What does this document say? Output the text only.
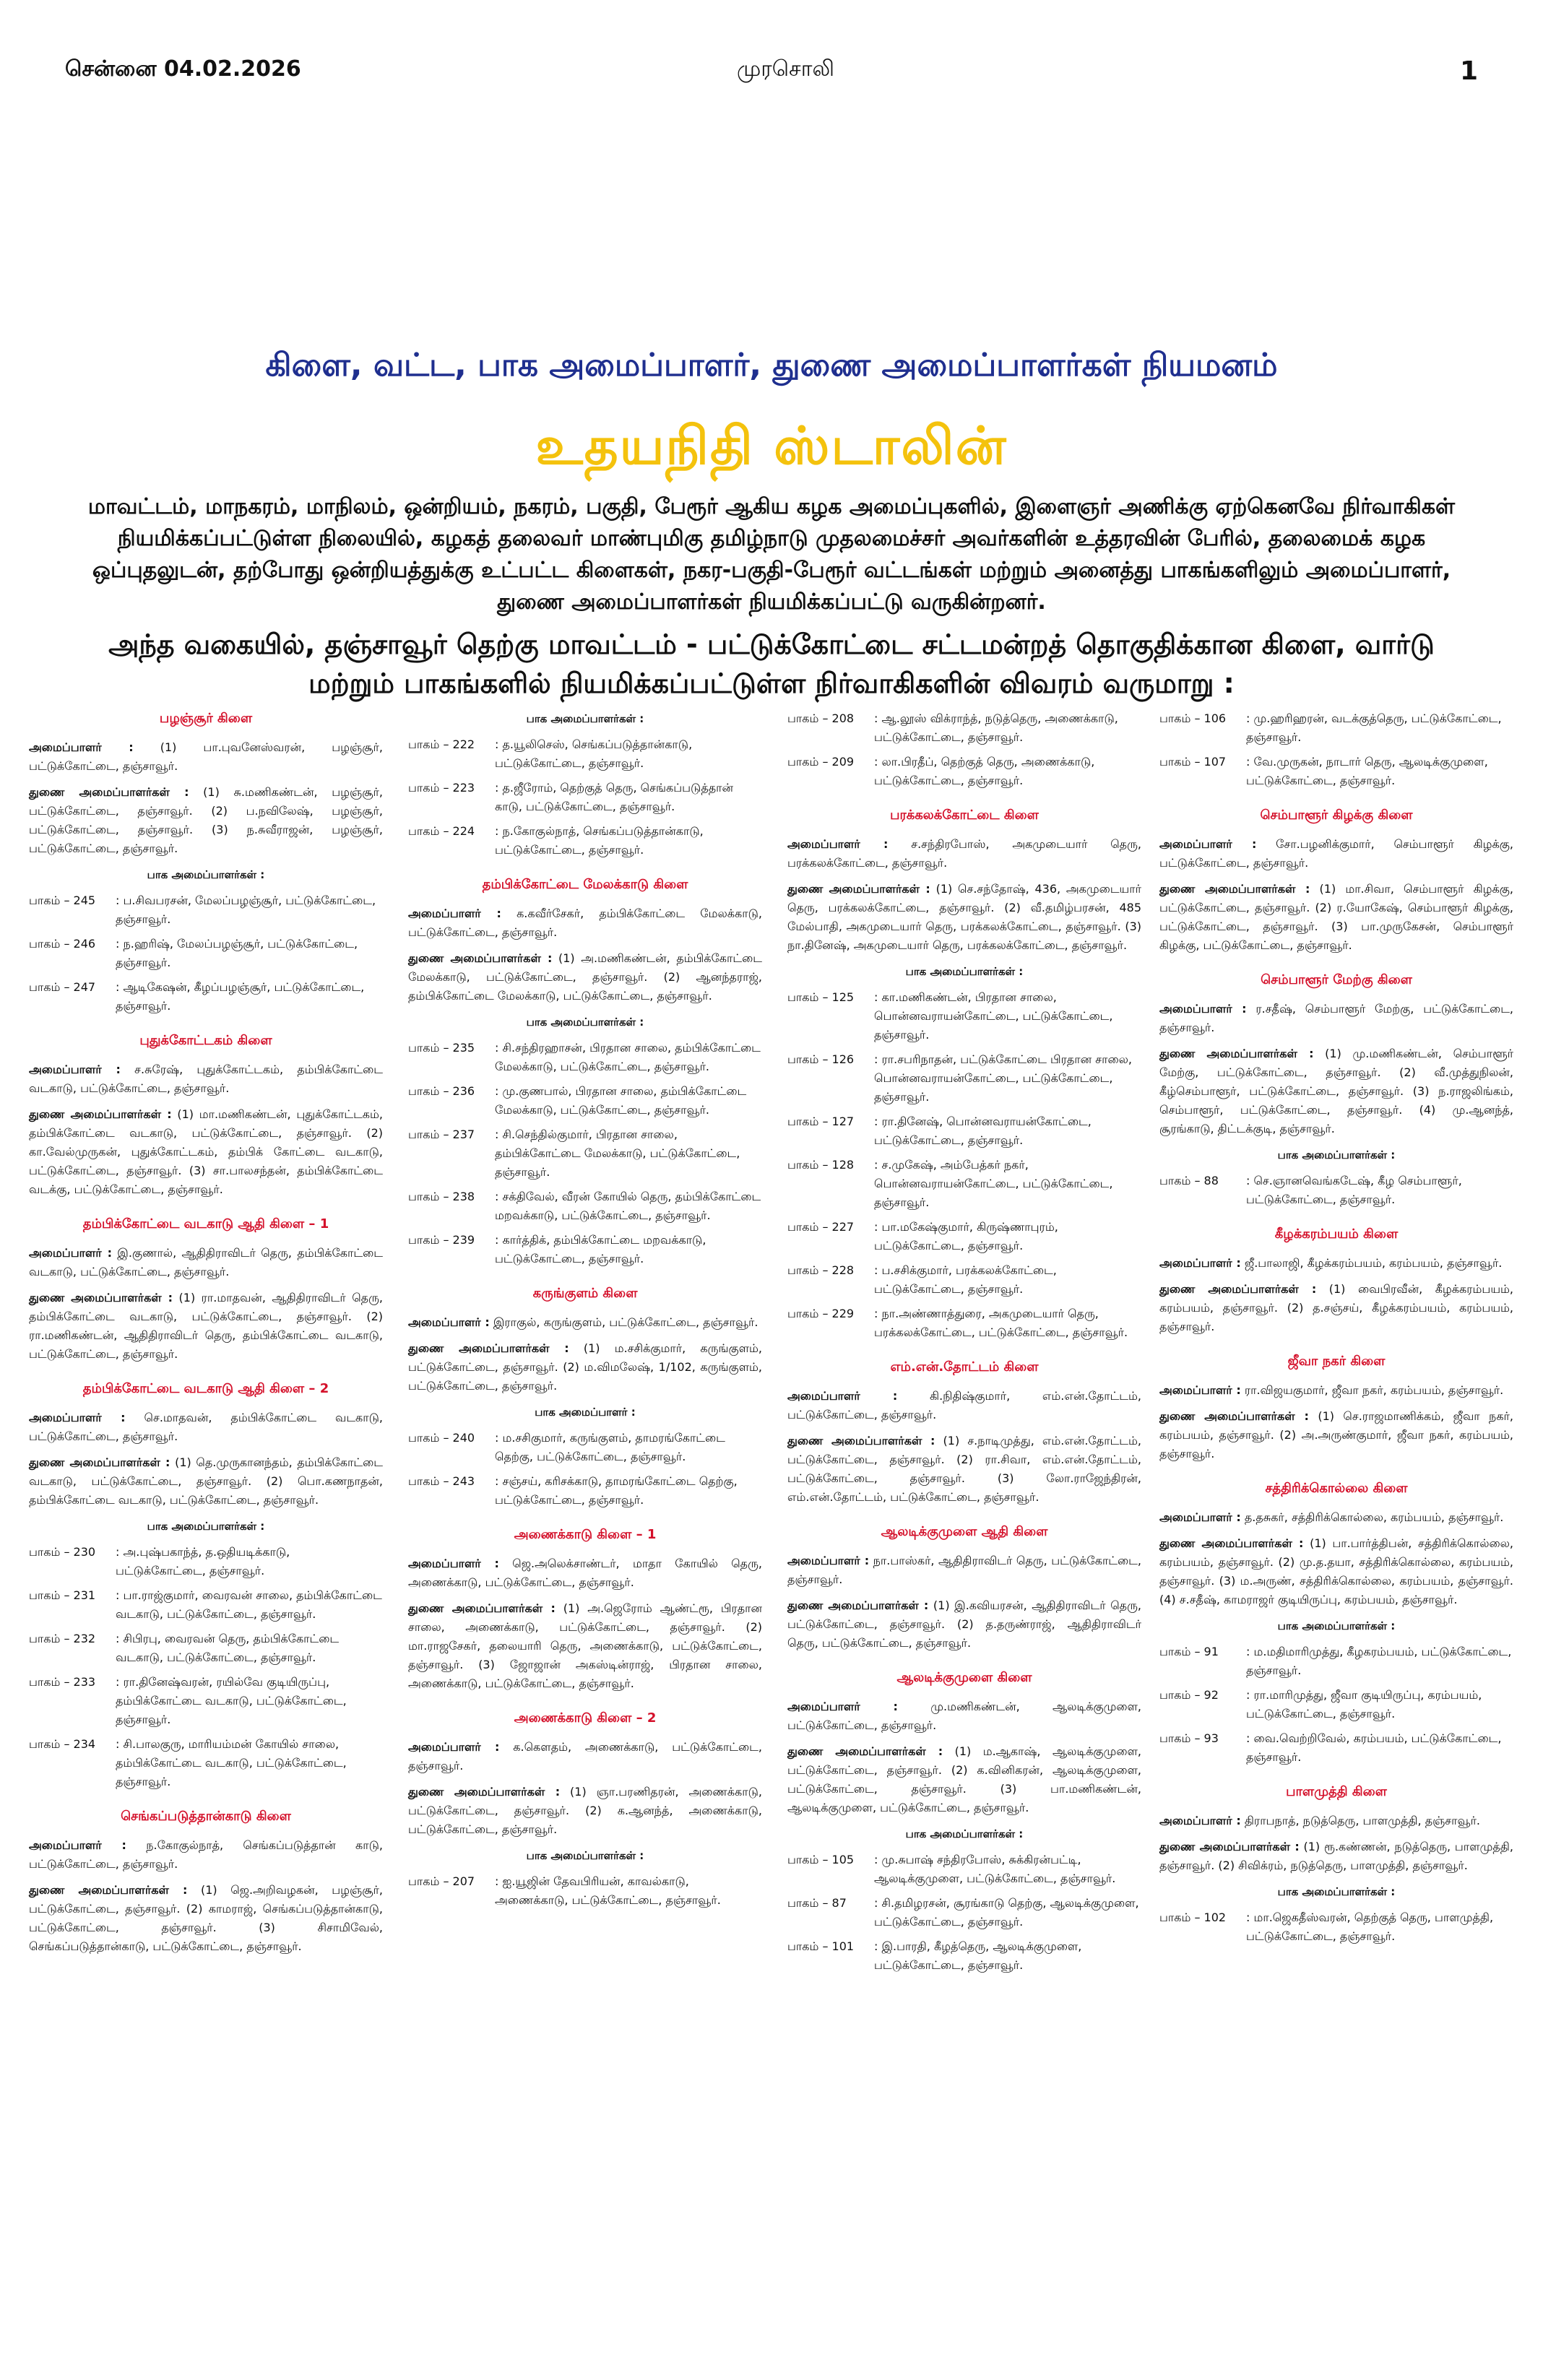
சென்னை 04.02.2026	முரசொலி	1
கிளை, வட்ட, பாக அமைப்பாளர், துணை அமைப்பாளர்கள் நியமனம்
உதயநிதி ஸ்டாலின்
மாவட்டம், மாநகரம், மாநிலம், ஒன்றியம், நகரம், பகுதி, பேரூர் ஆகிய கழக அமைப்புகளில், இளைஞர் அணிக்கு ஏற்கெனவே நிர்வாகிகள் நியமிக்கப்பட்டுள்ள நிலையில், கழகத் தலைவர் மாண்புமிகு தமிழ்நாடு முதலமைச்சர் அவர்களின் உத்தரவின் பேரில், தலைமைக் கழக ஒப்புதலுடன், தற்போது ஒன்றியத்துக்கு உட்பட்ட கிளைகள், நகர-பகுதி-பேரூர் வட்டங்கள் மற்றும் அனைத்து பாகங்களிலும் அமைப்பாளர், துணை அமைப்பாளர்கள் நியமிக்கப்பட்டு வருகின்றனர்.
அந்த வகையில், தஞ்சாவூர் தெற்கு மாவட்டம் - பட்டுக்கோட்டை சட்டமன்றத் தொகுதிக்கான கிளை, வார்டு மற்றும் பாகங்களில் நியமிக்கப்பட்டுள்ள நிர்வாகிகளின் விவரம் வருமாறு :
பழஞ்சூர் கிளை
அமைப்பாளர் : (1) பா.புவனேஸ்வரன், பழஞ்சூர், பட்டுக்கோட்டை, தஞ்சாவூர்.
துணை அமைப்பாளர்கள் : (1) சு.மணிகண்டன், பழஞ்சூர், பட்டுக்கோட்டை, தஞ்சாவூர். (2) ப.நவிலேஷ், பழஞ்சூர், பட்டுக்கோட்டை, தஞ்சாவூர். (3) ந.சுவீராஜன், பழஞ்சூர், பட்டுக்கோட்டை, தஞ்சாவூர்.
பாக அமைப்பாளர்கள் :
பாகம் – 245	: ப.சிவபரசன், மேலப்பழஞ்சூர், பட்டுக்கோட்டை, தஞ்சாவூர்.
பாகம் – 246	: ந.ஹரிஷ், மேலப்பழஞ்சூர், பட்டுக்கோட்டை, தஞ்சாவூர்.
பாகம் – 247	: ஆடிகேஷன், கீழப்பழஞ்சூர், பட்டுக்கோட்டை, தஞ்சாவூர்.
புதுக்கோட்டகம் கிளை
அமைப்பாளர் : ச.சுரேஷ், புதுக்கோட்டகம், தம்பிக்கோட்டை வடகாடு, பட்டுக்கோட்டை, தஞ்சாவூர்.
துணை அமைப்பாளர்கள் : (1) மா.மணிகண்டன், புதுக்கோட்டகம், தம்பிக்கோட்டை வடகாடு, பட்டுக்கோட்டை, தஞ்சாவூர். (2) கா.வேல்முருகன், புதுக்கோட்டகம், தம்பிக் கோட்டை வடகாடு, பட்டுக்கோட்டை, தஞ்சாவூர். (3) சா.பாலசந்தன், தம்பிக்கோட்டை வடக்கு, பட்டுக்கோட்டை, தஞ்சாவூர்.
தம்பிக்கோட்டை வடகாடு ஆதி கிளை – 1
அமைப்பாளர் : இ.குணால், ஆதிதிராவிடர் தெரு, தம்பிக்கோட்டை வடகாடு, பட்டுக்கோட்டை, தஞ்சாவூர்.
துணை அமைப்பாளர்கள் : (1) ரா.மாதவன், ஆதிதிராவிடர் தெரு, தம்பிக்கோட்டை வடகாடு, பட்டுக்கோட்டை, தஞ்சாவூர். (2) ரா.மணிகண்டன், ஆதிதிராவிடர் தெரு, தம்பிக்கோட்டை வடகாடு, பட்டுக்கோட்டை, தஞ்சாவூர்.
தம்பிக்கோட்டை வடகாடு ஆதி கிளை – 2
அமைப்பாளர் : செ.மாதவன், தம்பிக்கோட்டை வடகாடு, பட்டுக்கோட்டை, தஞ்சாவூர்.
துணை அமைப்பாளர்கள் : (1) தெ.முருகானந்தம், தம்பிக்கோட்டை வடகாடு, பட்டுக்கோட்டை, தஞ்சாவூர். (2) பொ.கணநாதன், தம்பிக்கோட்டை வடகாடு, பட்டுக்கோட்டை, தஞ்சாவூர்.
பாக அமைப்பாளர்கள் :
பாகம் – 230	: அ.புஷ்பகாந்த், த.ஒதியடிக்காடு, பட்டுக்கோட்டை, தஞ்சாவூர்.
பாகம் – 231	: பா.ராஜ்குமார், வைரவன் சாலை, தம்பிக்கோட்டை வடகாடு, பட்டுக்கோட்டை, தஞ்சாவூர்.
பாகம் – 232	: சிபிரபு, வைரவன் தெரு, தம்பிக்கோட்டை வடகாடு, பட்டுக்கோட்டை, தஞ்சாவூர்.
பாகம் – 233	: ரா.தினேஷ்வரன், ரயில்வே குடியிருப்பு, தம்பிக்கோட்டை வடகாடு, பட்டுக்கோட்டை, தஞ்சாவூர்.
பாகம் – 234	: சி.பாலகுரு, மாரியம்மன் கோயில் சாலை, தம்பிக்கோட்டை வடகாடு, பட்டுக்கோட்டை, தஞ்சாவூர்.
செங்கப்படுத்தான்காடு கிளை
அமைப்பாளர் : ந.கோகுல்நாத், செங்கப்படுத்தான் காடு, பட்டுக்கோட்டை, தஞ்சாவூர்.
துணை அமைப்பாளர்கள் : (1) ஜெ.அறிவழகன், பழஞ்சூர், பட்டுக்கோட்டை, தஞ்சாவூர். (2) காமராஜ், செங்கப்படுத்தான்காடு, பட்டுக்கோட்டை, தஞ்சாவூர். (3) சிசாமிவேல், செங்கப்படுத்தான்காடு, பட்டுக்கோட்டை, தஞ்சாவூர்.
பாக அமைப்பாளர்கள் :
பாகம் – 222	: த.யூலிசெஸ், செங்கப்படுத்தான்காடு, பட்டுக்கோட்டை, தஞ்சாவூர்.
பாகம் – 223	: த.ஜீரோம், தெற்குத் தெரு, செங்கப்படுத்தான் காடு, பட்டுக்கோட்டை, தஞ்சாவூர்.
பாகம் – 224	: ந.கோகுல்நாத், செங்கப்படுத்தான்காடு, பட்டுக்கோட்டை, தஞ்சாவூர்.
தம்பிக்கோட்டை மேலக்காடு கிளை
அமைப்பாளர் : க.கவீர்சேகர், தம்பிக்கோட்டை மேலக்காடு, பட்டுக்கோட்டை, தஞ்சாவூர்.
துணை அமைப்பாளர்கள் : (1) அ.மணிகண்டன், தம்பிக்கோட்டை மேலக்காடு, பட்டுக்கோட்டை, தஞ்சாவூர். (2) ஆனந்தராஜ், தம்பிக்கோட்டை மேலக்காடு, பட்டுக்கோட்டை, தஞ்சாவூர்.
பாக அமைப்பாளர்கள் :
பாகம் – 235	: சி.சந்திரஹாசன், பிரதான சாலை, தம்பிக்கோட்டை மேலக்காடு, பட்டுக்கோட்டை, தஞ்சாவூர்.
பாகம் – 236	: மு.குணபால், பிரதான சாலை, தம்பிக்கோட்டை மேலக்காடு, பட்டுக்கோட்டை, தஞ்சாவூர்.
பாகம் – 237	: சி.செந்தில்குமார், பிரதான சாலை, தம்பிக்கோட்டை மேலக்காடு, பட்டுக்கோட்டை, தஞ்சாவூர்.
பாகம் – 238	: சக்திவேல், வீரன் கோயில் தெரு, தம்பிக்கோட்டை மறவக்காடு, பட்டுக்கோட்டை, தஞ்சாவூர்.
பாகம் – 239	: கார்த்திக், தம்பிக்கோட்டை மறவக்காடு, பட்டுக்கோட்டை, தஞ்சாவூர்.
கருங்குளம் கிளை
அமைப்பாளர் : இராகுல், கருங்குளம், பட்டுக்கோட்டை, தஞ்சாவூர்.
துணை அமைப்பாளர்கள் : (1) ம.சசிக்குமார், கருங்குளம், பட்டுக்கோட்டை, தஞ்சாவூர். (2) ம.விமலேஷ், 1/102, கருங்குளம், பட்டுக்கோட்டை, தஞ்சாவூர்.
பாக அமைப்பாளர் :
பாகம் – 240	: ம.சசிகுமார், கருங்குளம், தாமரங்கோட்டை தெற்கு, பட்டுக்கோட்டை, தஞ்சாவூர்.
பாகம் – 243	: சஞ்சய், கரிசக்காடு, தாமரங்கோட்டை தெற்கு, பட்டுக்கோட்டை, தஞ்சாவூர்.
அணைக்காடு கிளை – 1
அமைப்பாளர் : ஜெ.அலெக்சாண்டர், மாதா கோயில் தெரு, அணைக்காடு, பட்டுக்கோட்டை, தஞ்சாவூர்.
துணை அமைப்பாளர்கள் : (1) அ.ஜெரோம் ஆண்ட்ரூ, பிரதான சாலை, அணைக்காடு, பட்டுக்கோட்டை, தஞ்சாவூர். (2) மா.ராஜசேகர், தலையாரி தெரு, அணைக்காடு, பட்டுக்கோட்டை, தஞ்சாவூர். (3) ஜோஜான் அகஸ்டின்ராஜ், பிரதான சாலை, அணைக்காடு, பட்டுக்கோட்டை, தஞ்சாவூர்.
அணைக்காடு கிளை – 2
அமைப்பாளர் : க.கௌதம், அணைக்காடு, பட்டுக்கோட்டை, தஞ்சாவூர்.
துணை அமைப்பாளர்கள் : (1) ஞா.பரணிதரன், அணைக்காடு, பட்டுக்கோட்டை, தஞ்சாவூர். (2) க.ஆனந்த், அணைக்காடு, பட்டுக்கோட்டை, தஞ்சாவூர்.
பாக அமைப்பாளர்கள் :
பாகம் – 207	: ஐ.யூஜின் தேவபிரியன், காவல்காடு, அணைக்காடு, பட்டுக்கோட்டை, தஞ்சாவூர்.
பாகம் – 208	: ஆ.லூஸ் விக்ராந்த், நடுத்தெரு, அணைக்காடு, பட்டுக்கோட்டை, தஞ்சாவூர்.
பாகம் – 209	: லா.பிரதீப், தெற்குத் தெரு, அணைக்காடு, பட்டுக்கோட்டை, தஞ்சாவூர்.
பரக்கலக்கோட்டை கிளை
அமைப்பாளர் : ச.சந்திரபோஸ், அகமுடையார் தெரு, பரக்கலக்கோட்டை, தஞ்சாவூர்.
துணை அமைப்பாளர்கள் : (1) செ.சந்தோஷ், 436, அகமுடையார் தெரு, பரக்கலக்கோட்டை, தஞ்சாவூர். (2) வீ.தமிழ்பரசன், 485 மேல்பாதி, அகமுடையார் தெரு, பரக்கலக்கோட்டை, தஞ்சாவூர். (3) நா.தினேஷ், அகமுடையார் தெரு, பரக்கலக்கோட்டை, தஞ்சாவூர்.
பாக அமைப்பாளர்கள் :
பாகம் – 125	: கா.மணிகண்டன், பிரதான சாலை, பொன்னவராயன்கோட்டை, பட்டுக்கோட்டை, தஞ்சாவூர்.
பாகம் – 126	: ரா.சபரிநாதன், பட்டுக்கோட்டை பிரதான சாலை, பொன்னவராயன்கோட்டை, பட்டுக்கோட்டை, தஞ்சாவூர்.
பாகம் – 127	: ரா.தினேஷ், பொன்னவராயன்கோட்டை, பட்டுக்கோட்டை, தஞ்சாவூர்.
பாகம் – 128	: ச.முகேஷ், அம்பேத்கர் நகர், பொன்னவராயன்கோட்டை, பட்டுக்கோட்டை, தஞ்சாவூர்.
பாகம் – 227	: பா.மகேஷ்குமார், கிருஷ்ணாபுரம், பட்டுக்கோட்டை, தஞ்சாவூர்.
பாகம் – 228	: ப.சசிக்குமார், பரக்கலக்கோட்டை, பட்டுக்கோட்டை, தஞ்சாவூர்.
பாகம் – 229	: நா.அண்ணாத்துரை, அகமுடையார் தெரு, பரக்கலக்கோட்டை, பட்டுக்கோட்டை, தஞ்சாவூர்.
எம்.என்.தோட்டம் கிளை
அமைப்பாளர் : கி.நிதிஷ்குமார், எம்.என்.தோட்டம், பட்டுக்கோட்டை, தஞ்சாவூர்.
துணை அமைப்பாளர்கள் : (1) ச.நாடிமுத்து, எம்.என்.தோட்டம், பட்டுக்கோட்டை, தஞ்சாவூர். (2) ரா.சிவா, எம்.என்.தோட்டம், பட்டுக்கோட்டை, தஞ்சாவூர். (3) லோ.ராஜேந்திரன், எம்.என்.தோட்டம், பட்டுக்கோட்டை, தஞ்சாவூர்.
ஆலடிக்குமுளை ஆதி கிளை
அமைப்பாளர் : நா.பாஸ்கர், ஆதிதிராவிடர் தெரு, பட்டுக்கோட்டை, தஞ்சாவூர்.
துணை அமைப்பாளர்கள் : (1) இ.கவியரசன், ஆதிதிராவிடர் தெரு, பட்டுக்கோட்டை, தஞ்சாவூர். (2) த.தருண்ராஜ், ஆதிதிராவிடர் தெரு, பட்டுக்கோட்டை, தஞ்சாவூர்.
ஆலடிக்குமுளை கிளை
அமைப்பாளர் : மு.மணிகண்டன், ஆலடிக்குமுளை, பட்டுக்கோட்டை, தஞ்சாவூர்.
துணை அமைப்பாளர்கள் : (1) ம.ஆகாஷ், ஆலடிக்குமுளை, பட்டுக்கோட்டை, தஞ்சாவூர். (2) க.வினிகரன், ஆலடிக்குமுளை, பட்டுக்கோட்டை, தஞ்சாவூர். (3) பா.மணிகண்டன், ஆலடிக்குமுளை, பட்டுக்கோட்டை, தஞ்சாவூர்.
பாக அமைப்பாளர்கள் :
பாகம் – 105	: மு.சுபாஷ் சந்திரபோஸ், சுக்கிரன்பட்டி, ஆலடிக்குமுளை, பட்டுக்கோட்டை, தஞ்சாவூர்.
பாகம் – 87	: சி.தமிழரசன், சூரங்காடு தெற்கு, ஆலடிக்குமுளை, பட்டுக்கோட்டை, தஞ்சாவூர்.
பாகம் – 101	: இ.பாரதி, கீழத்தெரு, ஆலடிக்குமுளை, பட்டுக்கோட்டை, தஞ்சாவூர்.
பாகம் – 106	: மு.ஹரிஹரன், வடக்குத்தெரு, பட்டுக்கோட்டை, தஞ்சாவூர்.
பாகம் – 107	: வே.முருகன், நாடார் தெரு, ஆலடிக்குமுளை, பட்டுக்கோட்டை, தஞ்சாவூர்.
செம்பாளூர் கிழக்கு கிளை
அமைப்பாளர் : சோ.பழனிக்குமார், செம்பாளூர் கிழக்கு, பட்டுக்கோட்டை, தஞ்சாவூர்.
துணை அமைப்பாளர்கள் : (1) மா.சிவா, செம்பாளூர் கிழக்கு, பட்டுக்கோட்டை, தஞ்சாவூர். (2) ர.யோகேஷ், செம்பாளூர் கிழக்கு, பட்டுக்கோட்டை, தஞ்சாவூர். (3) பா.முருகேசன், செம்பாளூர் கிழக்கு, பட்டுக்கோட்டை, தஞ்சாவூர்.
செம்பாளூர் மேற்கு கிளை
அமைப்பாளர் : ர.சதீஷ், செம்பாளூர் மேற்கு, பட்டுக்கோட்டை, தஞ்சாவூர்.
துணை அமைப்பாளர்கள் : (1) மு.மணிகண்டன், செம்பாளூர் மேற்கு, பட்டுக்கோட்டை, தஞ்சாவூர். (2) வீ.முத்துநிலன், கீழ்செம்பாளூர், பட்டுக்கோட்டை, தஞ்சாவூர். (3) ந.ராஜலிங்கம், செம்பாளூர், பட்டுக்கோட்டை, தஞ்சாவூர். (4) மு.ஆனந்த், சூரங்காடு, திட்டக்குடி, தஞ்சாவூர்.
பாக அமைப்பாளர்கள் :
பாகம் – 88	: செ.ஞானவெங்கடேஷ், கீழ செம்பாளூர், பட்டுக்கோட்டை, தஞ்சாவூர்.
கீழக்கரம்பயம் கிளை
அமைப்பாளர் : ஜீ.பாலாஜி, கீழக்கரம்பயம், கரம்பயம், தஞ்சாவூர்.
துணை அமைப்பாளர்கள் : (1) வைபிரவீன், கீழக்கரம்பயம், கரம்பயம், தஞ்சாவூர். (2) த.சஞ்சய், கீழக்கரம்பயம், கரம்பயம், தஞ்சாவூர்.
ஜீவா நகர் கிளை
அமைப்பாளர் : ரா.விஜயகுமார், ஜீவா நகர், கரம்பயம், தஞ்சாவூர்.
துணை அமைப்பாளர்கள் : (1) செ.ராஜமாணிக்கம், ஜீவா நகர், கரம்பயம், தஞ்சாவூர். (2) அ.அருண்குமார், ஜீவா நகர், கரம்பயம், தஞ்சாவூர்.
சத்திரிக்கொல்லை கிளை
அமைப்பாளர் : த.தசுகர், சத்திரிக்கொல்லை, கரம்பயம், தஞ்சாவூர்.
துணை அமைப்பாளர்கள் : (1) பா.பார்த்திபன், சத்திரிக்கொல்லை, கரம்பயம், தஞ்சாவூர். (2) மு.த.தயா, சத்திரிக்கொல்லை, கரம்பயம், தஞ்சாவூர். (3) ம.அருண், சத்திரிக்கொல்லை, கரம்பயம், தஞ்சாவூர். (4) ச.சதீஷ், காமராஜர் குடியிருப்பு, கரம்பயம், தஞ்சாவூர்.
பாக அமைப்பாளர்கள் :
பாகம் – 91	: ம.மதிமாரிமுத்து, கீழகரம்பயம், பட்டுக்கோட்டை, தஞ்சாவூர்.
பாகம் – 92	: ரா.மாரிமுத்து, ஜீவா குடியிருப்பு, கரம்பயம், பட்டுக்கோட்டை, தஞ்சாவூர்.
பாகம் – 93	: வை.வெற்றிவேல், கரம்பயம், பட்டுக்கோட்டை, தஞ்சாவூர்.
பாளமுத்தி கிளை
அமைப்பாளர் : திராபநாத், நடுத்தெரு, பாளமுத்தி, தஞ்சாவூர்.
துணை அமைப்பாளர்கள் : (1) ரூ.கண்ணன், நடுத்தெரு, பாளமுத்தி, தஞ்சாவூர். (2) சிவிக்ரம், நடுத்தெரு, பாளமுத்தி, தஞ்சாவூர்.
பாக அமைப்பாளர்கள் :
பாகம் – 102	: மா.ஜெகதீஸ்வரன், தெற்குத் தெரு, பாளமுத்தி, பட்டுக்கோட்டை, தஞ்சாவூர்.
